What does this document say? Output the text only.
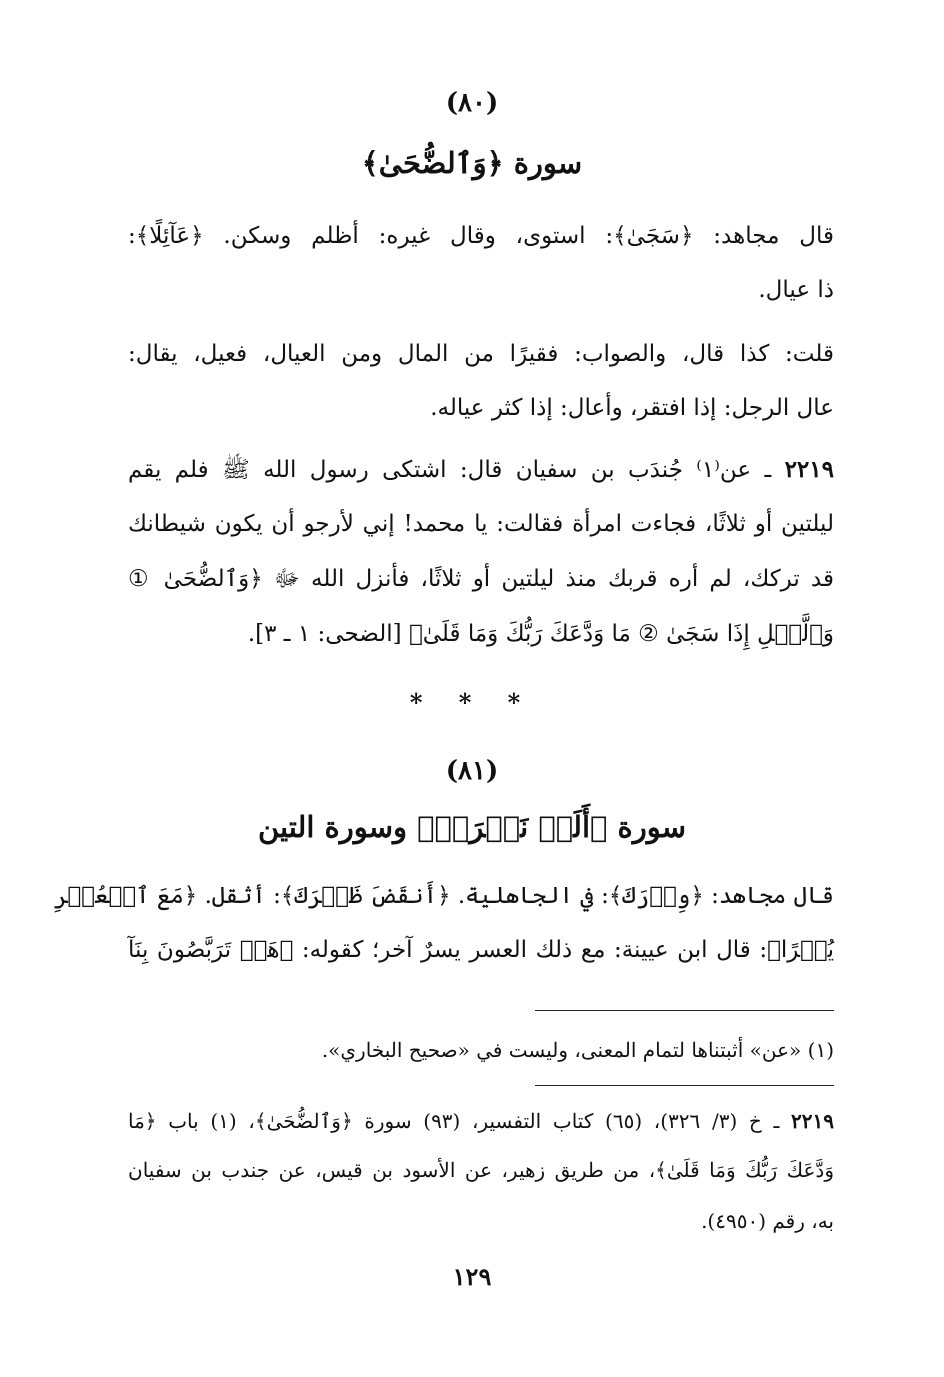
(٨٠)
سورة ﴿وَٱلضُّحَىٰ﴾
قال مجاهد: ﴿سَجَىٰ﴾: استوى، وقال غيره: أظلم وسكن. ﴿عَآئِلًا﴾:
ذا عيال.
قلت: كذا قال، والصواب: فقيرًا من المال ومن العيال، فعيل، يقال:
عال الرجل: إذا افتقر، وأعال: إذا كثر عياله.
٢٢١٩ ـ عن⁽١⁾ جُندَب بن سفيان قال: اشتكى رسول الله ﷺ فلم يقم
ليلتين أو ثلاثًا، فجاءت امرأة فقالت: يا محمد! إني لأرجو أن يكون شيطانك
قد تركك، لم أره قربك منذ ليلتين أو ثلاثًا، فأنزل الله ﷻ ﴿وَٱلضُّحَىٰ ①
وَٱلَّيۡلِ إِذَا سَجَىٰ ② مَا وَدَّعَكَ رَبُّكَ وَمَا قَلَىٰ﴾ [الضحى: ١ ـ ٣].
* * *
(٨١)
سورة ﴿أَلَمۡ نَشۡرَحۡ﴾ وسورة التين
قال مجاهد: ﴿وِزۡرَكَ﴾: في الجاهلية. ﴿أَنقَضَ ظَهۡرَكَ﴾: أثقل. ﴿مَعَ ٱلۡعُسۡرِ
يُسۡرًا﴾: قال ابن عيينة: مع ذلك العسر يسرٌ آخر؛ كقوله: ﴿هَلۡ تَرَبَّصُونَ بِنَآ
(١) «عن» أثبتناها لتمام المعنى، وليست في «صحيح البخاري».
٢٢١٩ ـ خ (٣/ ٣٢٦)، (٦٥) كتاب التفسير، (٩٣) سورة ﴿وَٱلضُّحَىٰ﴾، (١) باب ﴿مَا
وَدَّعَكَ رَبُّكَ وَمَا قَلَىٰ﴾، من طريق زهير، عن الأسود بن قيس، عن جندب بن سفيان
به، رقم (٤٩٥٠).
١٢٩
